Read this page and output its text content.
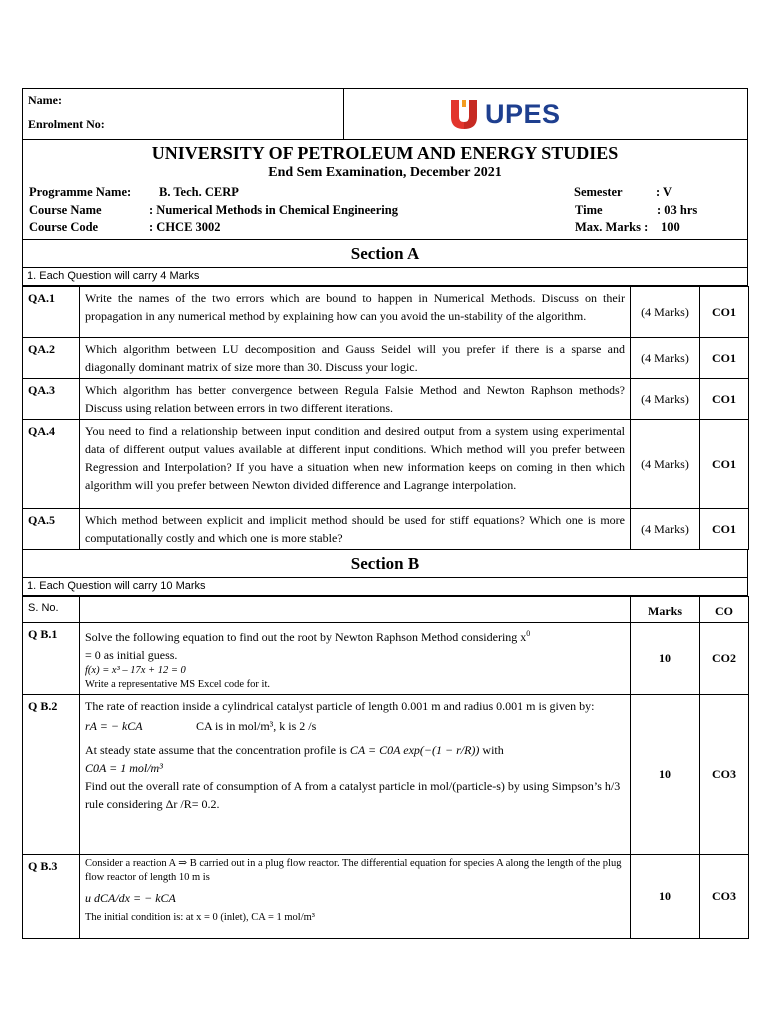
Name:
Enrolment No:	UPES
UNIVERSITY OF PETROLEUM AND ENERGY STUDIES
End Sem Examination, December 2021
Programme Name:	B. Tech. CERP	Semester	: V
Course Name	: Numerical Methods in Chemical Engineering	Time	: 03 hrs
Course Code	: CHCE 3002	Max. Marks :	100
Section A
1. Each Question will carry 4 Marks
QA.1	Write the names of the two errors which are bound to happen in Numerical Methods. Discuss on their propagation in any numerical method by explaining how can you avoid the un-stability of the algorithm.	(4 Marks)	CO1
QA.2	Which algorithm between LU decomposition and Gauss Seidel will you prefer if there is a sparse and diagonally dominant matrix of size more than 30. Discuss your logic.	(4 Marks)	CO1
QA.3	Which algorithm has better convergence between Regula Falsie Method and Newton Raphson methods? Discuss using relation between errors in two different iterations.	(4 Marks)	CO1
QA.4	You need to find a relationship between input condition and desired output from a system using experimental data of different output values available at different input conditions. Which method will you prefer between Regression and Interpolation? If you have a situation when new information keeps on coming in then which algorithm will you prefer between Newton divided difference and Lagrange interpolation.	(4 Marks)	CO1
QA.5	Which method between explicit and implicit method should be used for stiff equations? Which one is more computationally costly and which one is more stable?	(4 Marks)	CO1
Section B
1. Each Question will carry 10 Marks
S. No.		Marks	CO
Q B.1	Solve the following equation to find out the root by Newton Raphson Method considering $x^0$
= 0 as initial guess.
f(x) = x³ – 17x + 12 = 0
Write a representative MS Excel code for it.	10	CO2
Q B.2	The rate of reaction inside a cylindrical catalyst particle of length 0.001 m and radius 0.001 m is given by:
rA = − kCA CA is in mol/m³, k is 2 /s
At steady state assume that the concentration profile is CA = C0A exp(−(1 − r/R)) with
C0A = 1 mol/m³
Find out the overall rate of consumption of A from a catalyst particle in mol/(particle-s) by using Simpson’s h/3 rule considering Δr /R= 0.2.	10	CO3
Q B.3	Consider a reaction A ⇒ B carried out in a plug flow reactor. The differential equation for species A along the length of the plug flow reactor of length 10 m is
u dCA/dx = − kCA
The initial condition is: at x = 0 (inlet), CA = 1 mol/m³	10	CO3
